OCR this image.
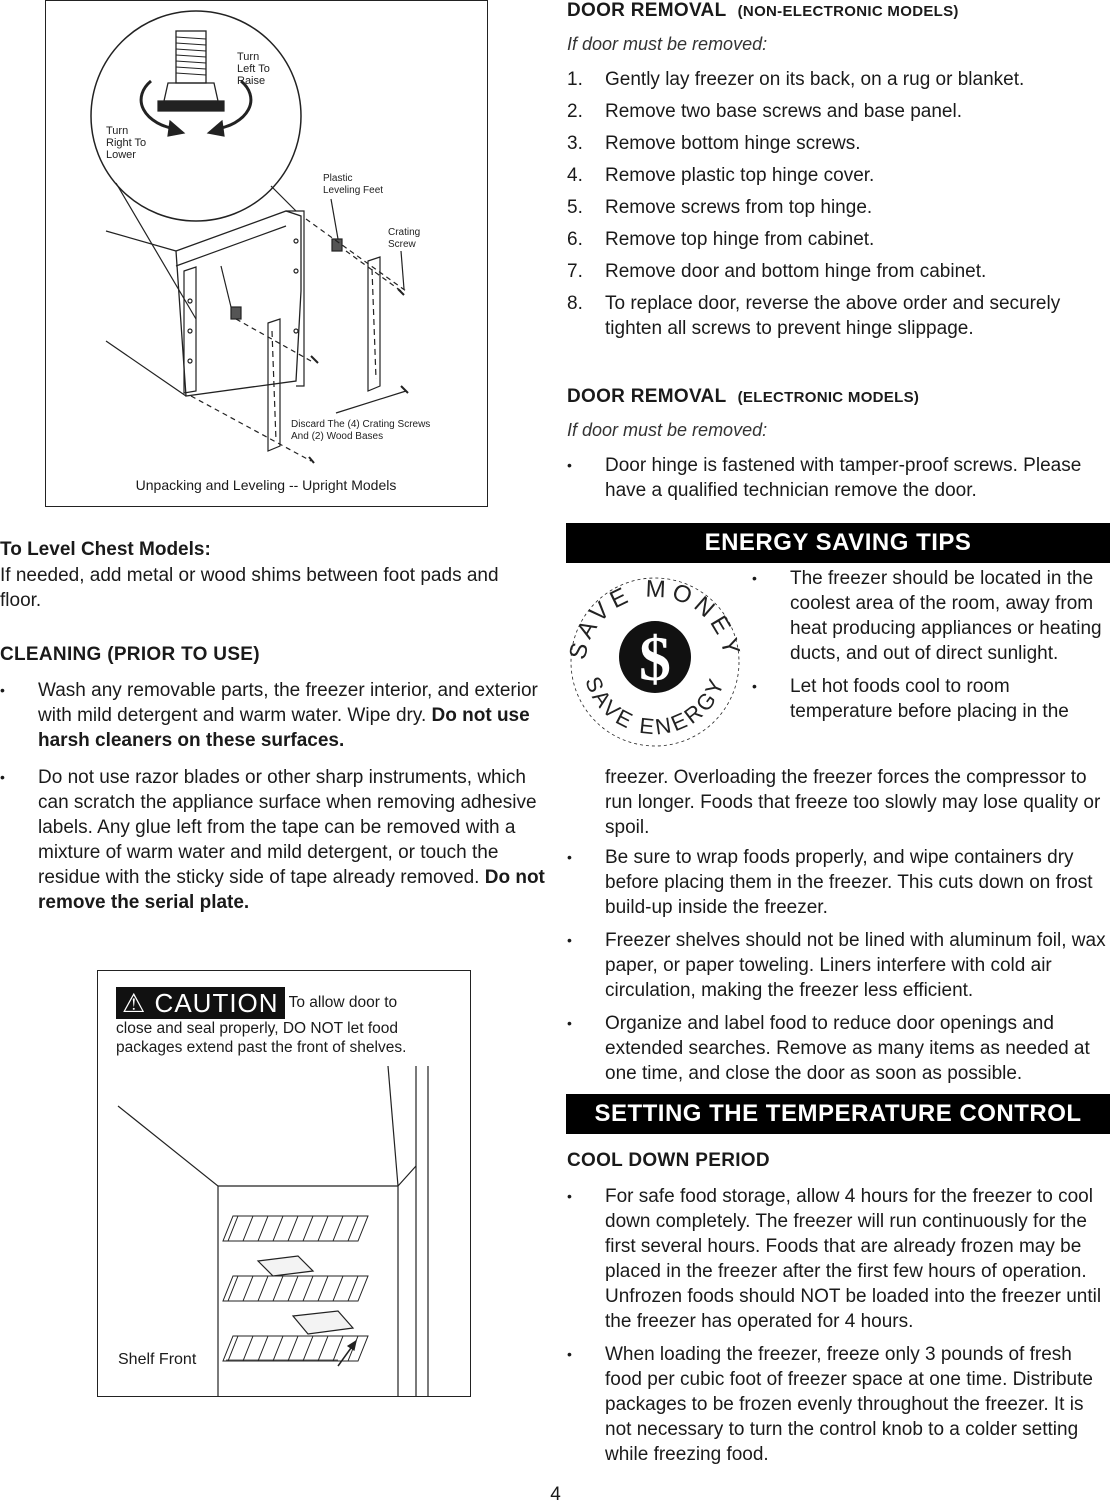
Turn
Left To
Raise
Turn
Right To
Lower
Plastic
Leveling Feet
Crating
Screw
Discard The (4) Crating Screws
And (2) Wood Bases
Unpacking and Leveling -- Upright Models
To Level Chest Models:
If needed, add metal or wood shims between foot pads and floor.
CLEANING (PRIOR TO USE)
• Wash any removable parts, the freezer interior, and exterior with mild detergent and warm water. Wipe dry. Do not use harsh cleaners on these surfaces.
• Do not use razor blades or other sharp instruments, which can scratch the appliance surface when removing adhesive labels. Any glue left from the tape can be removed with a mixture of warm water and mild detergent, or touch the residue with the sticky side of tape already removed. Do not remove the serial plate.
⚠ CAUTION To allow door to close and seal properly, DO NOT let food packages extend past the front of shelves.
Shelf Front
DOOR REMOVAL (NON-ELECTRONIC MODELS)
If door must be removed:
1. Gently lay freezer on its back, on a rug or blanket.
2. Remove two base screws and base panel.
3. Remove bottom hinge screws.
4. Remove plastic top hinge cover.
5. Remove screws from top hinge.
6. Remove top hinge from cabinet.
7. Remove door and bottom hinge from cabinet.
8. To replace door, reverse the above order and securely tighten all screws to prevent hinge slippage.
DOOR REMOVAL (ELECTRONIC MODELS)
If door must be removed:
• Door hinge is fastened with tamper-proof screws. Please have a qualified technician remove the door.
ENERGY SAVING TIPS
SAVE MONEY
SAVE ENERGY
$
• The freezer should be located in the coolest area of the room, away from heat producing appliances or heating ducts, and out of direct sunlight.
• Let hot foods cool to room temperature before placing in the
freezer. Overloading the freezer forces the compressor to run longer. Foods that freeze too slowly may lose quality or spoil.
• Be sure to wrap foods properly, and wipe containers dry before placing them in the freezer. This cuts down on frost build-up inside the freezer.
• Freezer shelves should not be lined with aluminum foil, wax paper, or paper toweling. Liners interfere with cold air circulation, making the freezer less efficient.
• Organize and label food to reduce door openings and extended searches. Remove as many items as needed at one time, and close the door as soon as possible.
SETTING THE TEMPERATURE CONTROL
COOL DOWN PERIOD
• For safe food storage, allow 4 hours for the freezer to cool down completely. The freezer will run continuously for the first several hours. Foods that are already frozen may be placed in the freezer after the first few hours of operation. Unfrozen foods should NOT be loaded into the freezer until the freezer has operated for 4 hours.
• When loading the freezer, freeze only 3 pounds of fresh food per cubic foot of freezer space at one time. Distribute packages to be frozen evenly throughout the freezer. It is not necessary to turn the control knob to a colder setting while freezing food.
4
